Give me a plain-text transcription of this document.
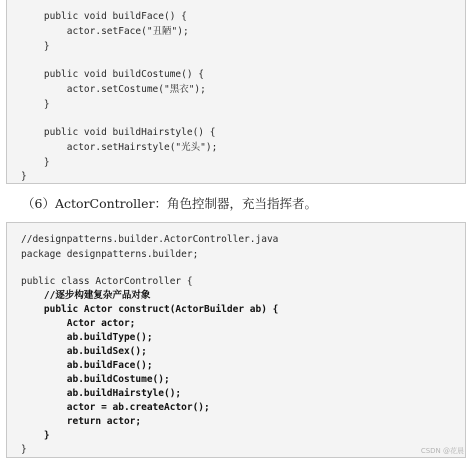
public void buildFace() {
actor.setFace("丑陋");
}
public void buildCostume() {
actor.setCostume("黑衣");
}
public void buildHairstyle() {
actor.setHairstyle("光头");
}
}
（6）ActorController：角色控制器，充当指挥者。
//designpatterns.builder.ActorController.java
package designpatterns.builder;
public class ActorController {
//逐步构建复杂产品对象
public Actor construct(ActorBuilder ab) {
Actor actor;
ab.buildType();
ab.buildSex();
ab.buildFace();
ab.buildCostume();
ab.buildHairstyle();
actor = ab.createActor();
return actor;
}
}	CSDN @花晨
